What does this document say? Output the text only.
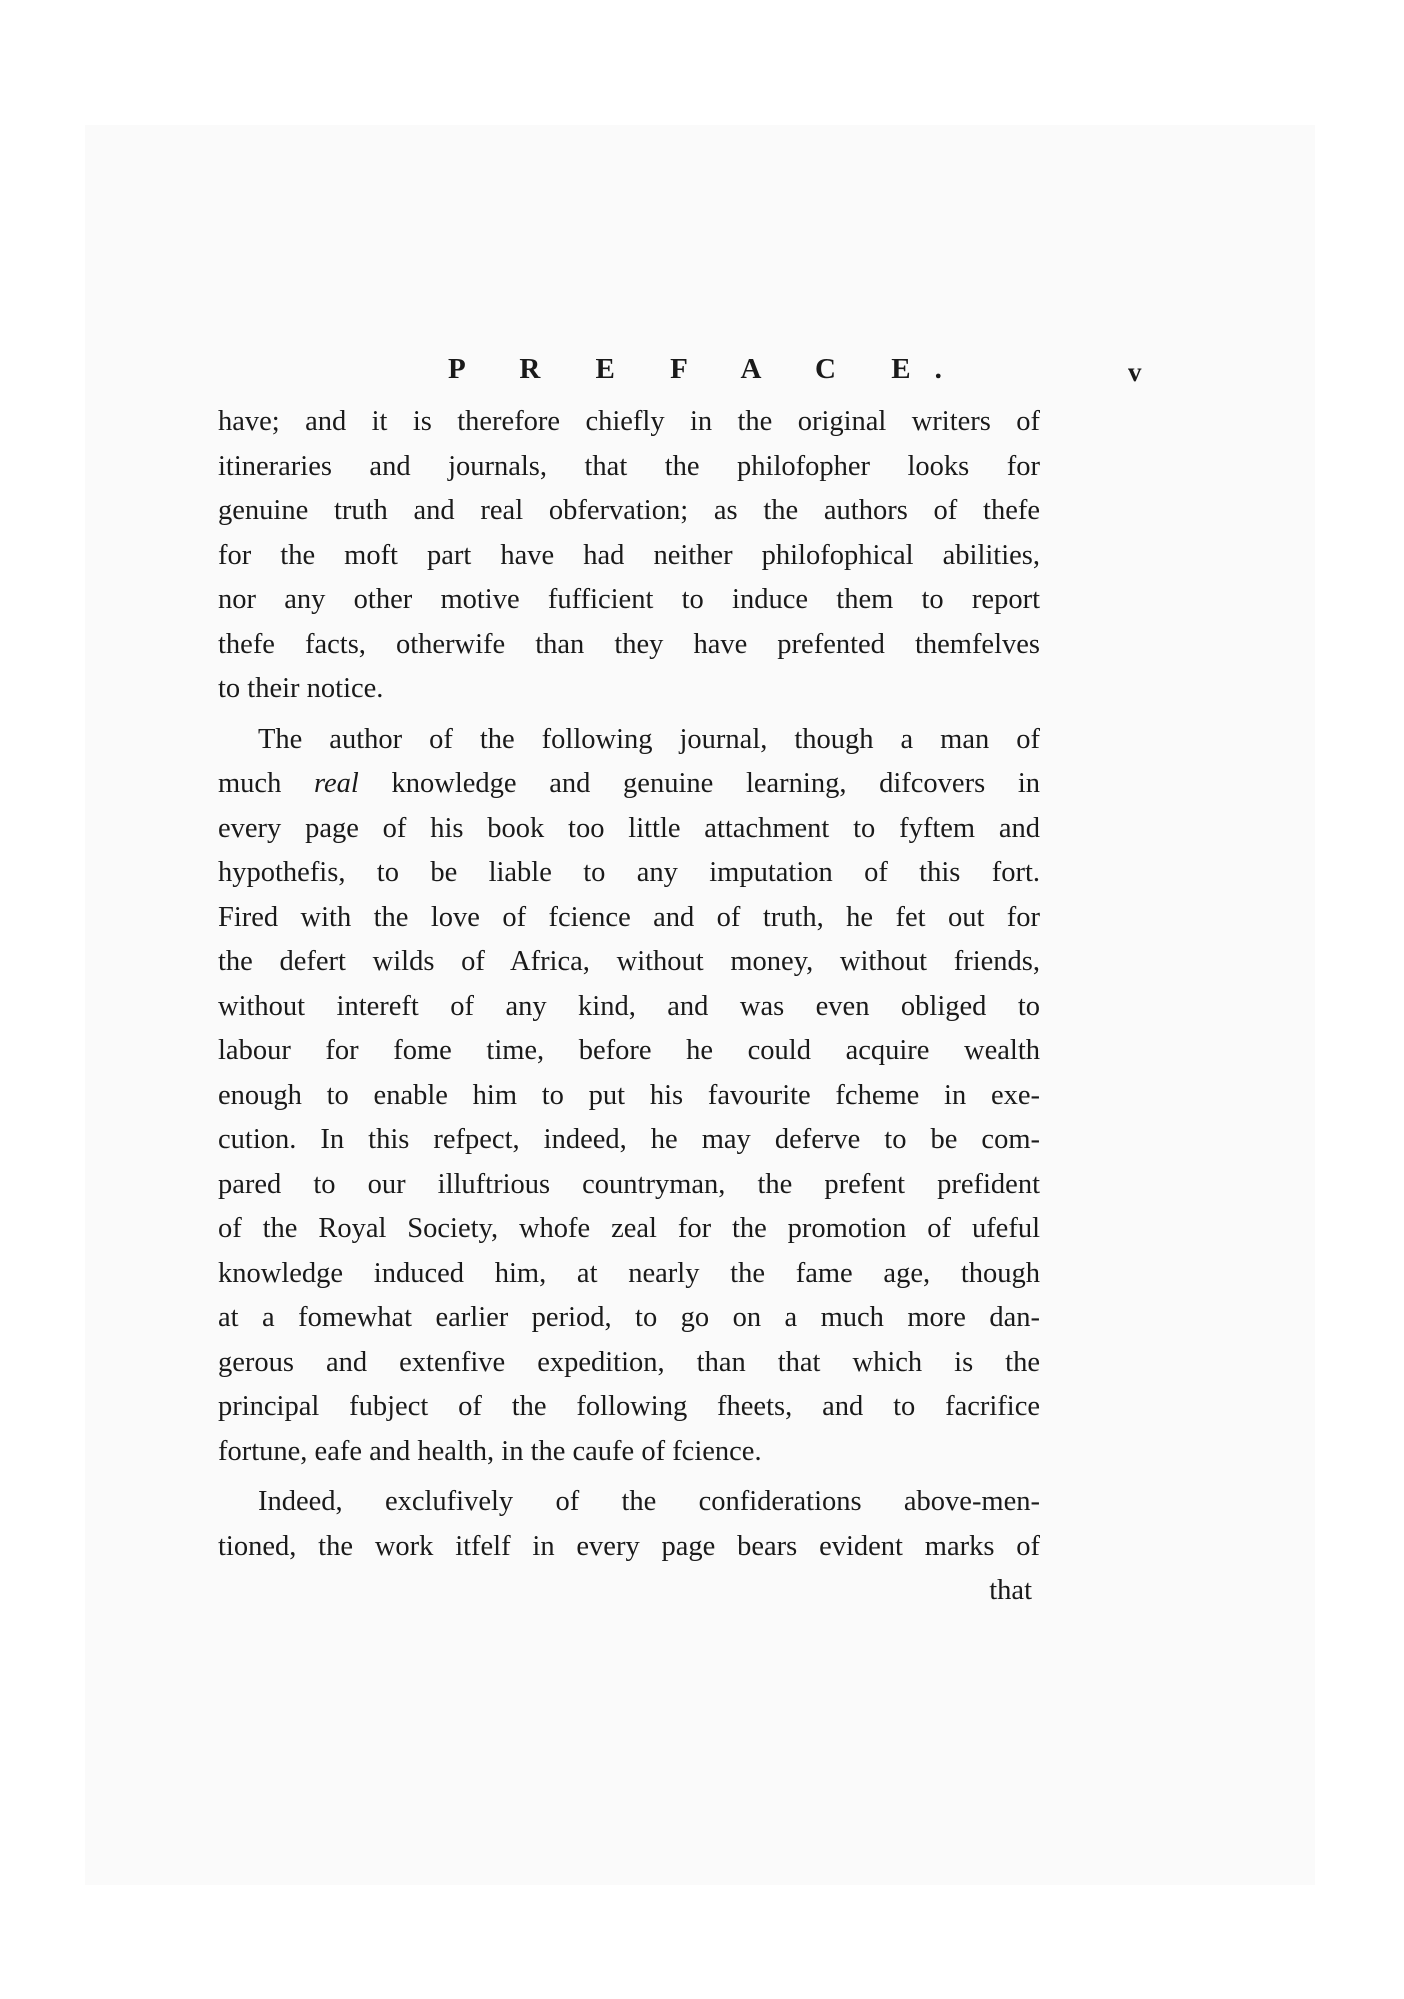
P R E F A C E.	v
have; and it is therefore chiefly in the original writers of
itineraries and journals, that the philofopher looks for
genuine truth and real obfervation; as the authors of thefe
for the moft part have had neither philofophical abilities,
nor any other motive fufficient to induce them to report
thefe facts, otherwife than they have prefented themfelves
to their notice.
The author of the following journal, though a man of
much real knowledge and genuine learning, difcovers in
every page of his book too little attachment to fyftem and
hypothefis, to be liable to any imputation of this fort.
Fired with the love of fcience and of truth, he fet out for
the defert wilds of Africa, without money, without friends,
without intereft of any kind, and was even obliged to
labour for fome time, before he could acquire wealth
enough to enable him to put his favourite fcheme in exe-
cution. In this refpect, indeed, he may deferve to be com-
pared to our illuftrious countryman, the prefent prefident
of the Royal Society, whofe zeal for the promotion of ufeful
knowledge induced him, at nearly the fame age, though
at a fomewhat earlier period, to go on a much more dan-
gerous and extenfive expedition, than that which is the
principal fubject of the following fheets, and to facrifice
fortune, eafe and health, in the caufe of fcience.
Indeed, exclufively of the confiderations above-men-
tioned, the work itfelf in every page bears evident marks of
that
